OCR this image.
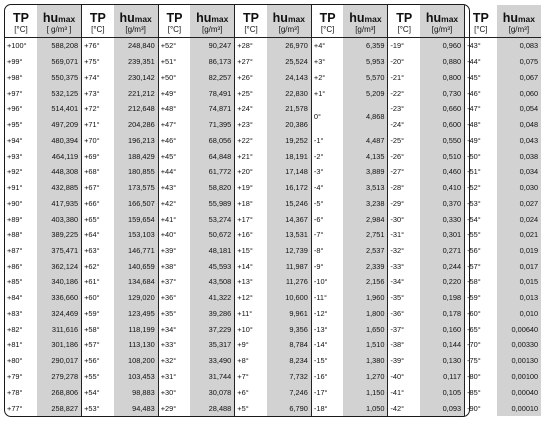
TP	humax	TP	humax	TP	humax	TP	humax	TP	humax	TP	humax	TP	humax
[°C]	[ g/m³ ]	[°C]	[g/m³]	[°C]	[g/m³]	[°C]	[g/m³]	[°C]	[g/m³]	[°C]	[g/m³]	[°C]	[g/m³]
+100°	588,208	+76°	248,840	+52°	90,247	+28°	26,970	+4°	6,359	-19°	0,960	-43°	0,083
+99°	569,071	+75°	239,351	+51°	86,173	+27°	25,524	+3°	5,953	-20°	0,880	-44°	0,075
+98°	550,375	+74°	230,142	+50°	82,257	+26°	24,143	+2°	5,570	-21°	0,800	-45°	0,067
+97°	532,125	+73°	221,212	+49°	78,491	+25°	22,830	+1°	5,209	-22°	0,730	-46°	0,060
+96°	514,401	+72°	212,648	+48°	74,871	+24°	21,578	0°	4,868	-23°	0,660	-47°	0,054
+95°	497,209	+71°	204,286	+47°	71,395	+23°	20,386			-24°	0,600	-48°	0,048
+94°	480,394	+70°	196,213	+46°	68,056	+22°	19,252	-1°	4,487	-25°	0,550	-49°	0,043
+93°	464,119	+69°	188,429	+45°	64,848	+21°	18,191	-2°	4,135	-26°	0,510	-50°	0,038
+92°	448,308	+68°	180,855	+44°	61,772	+20°	17,148	-3°	3,889	-27°	0,460	-51°	0,034
+91°	432,885	+67°	173,575	+43°	58,820	+19°	16,172	-4°	3,513	-28°	0,410	-52°	0,030
+90°	417,935	+66°	166,507	+42°	55,989	+18°	15,246	-5°	3,238	-29°	0,370	-53°	0,027
+89°	403,380	+65°	159,654	+41°	53,274	+17°	14,367	-6°	2,984	-30°	0,330	-54°	0,024
+88°	389,225	+64°	153,103	+40°	50,672	+16°	13,531	-7°	2,751	-31°	0,301	-55°	0,021
+87°	375,471	+63°	146,771	+39°	48,181	+15°	12,739	-8°	2,537	-32°	0,271	-56°	0,019
+86°	362,124	+62°	140,659	+38°	45,593	+14°	11,987	-9°	2,339	-33°	0,244	-57°	0,017
+85°	340,186	+61°	134,684	+37°	43,508	+13°	11,276	-10°	2,156	-34°	0,220	-58°	0,015
+84°	336,660	+60°	129,020	+36°	41,322	+12°	10,600	-11°	1,960	-35°	0,198	-59°	0,013
+83°	324,469	+59°	123,495	+35°	39,286	+11°	9,961	-12°	1,800	-36°	0,178	-60°	0,010
+82°	311,616	+58°	118,199	+34°	37,229	+10°	9,356	-13°	1,650	-37°	0,160	-65°	0,00640
+81°	301,186	+57°	113,130	+33°	35,317	+9°	8,784	-14°	1,510	-38°	0,144	-70°	0,00330
+80°	290,017	+56°	108,200	+32°	33,490	+8°	8,234	-15°	1,380	-39°	0,130	-75°	0,00130
+79°	279,278	+55°	103,453	+31°	31,744	+7°	7,732	-16°	1,270	-40°	0,117	-80°	0,00100
+78°	268,806	+54°	98,883	+30°	30,078	+6°	7,246	-17°	1,150	-41°	0,105	-85°	0,00040
+77°	258,827	+53°	94,483	+29°	28,488	+5°	6,790	-18°	1,050	-42°	0,093	-90°	0,00010
